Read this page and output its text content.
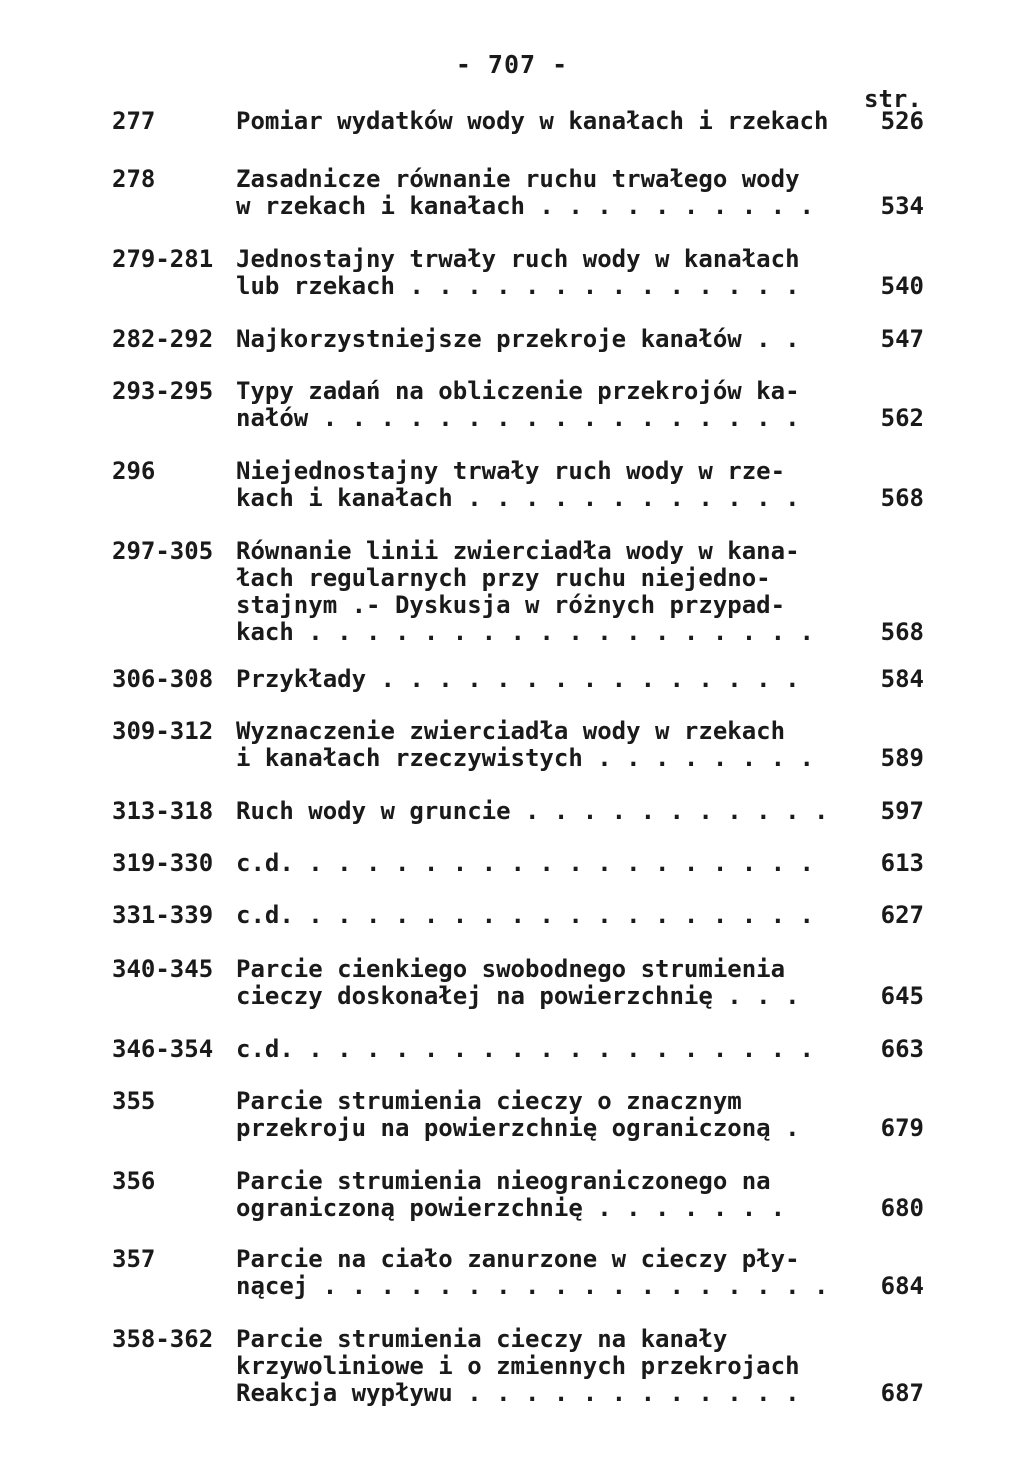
- 707 -
str.
277	Pomiar wydatków wody w kanałach i rzekach	526
278	Zasadnicze równanie ruchu trwałego wody
w rzekach i kanałach . . . . . . . . . .	534
279-281 Jednostajny trwały ruch wody w kanałach
lub rzekach . . . . . . . . . . . . . .	540
282-292 Najkorzystniejsze przekroje kanałów . .	547
293-295 Typy zadań na obliczenie przekrojów ka-
nałów . . . . . . . . . . . . . . . . .	562
296	Niejednostajny trwały ruch wody w rze-
kach i kanałach . . . . . . . . . . . .	568
297-305 Równanie linii zwierciadła wody w kana-
łach regularnych przy ruchu niejedno-
stajnym .- Dyskusja w różnych przypad-
kach . . . . . . . . . . . . . . . . . .	568
306-308 Przykłady . . . . . . . . . . . . . . .	584
309-312 Wyznaczenie zwierciadła wody w rzekach
i kanałach rzeczywistych . . . . . . . .	589
313-318 Ruch wody w gruncie . . . . . . . . . . .	597
319-330 c.d. . . . . . . . . . . . . . . . . . .	613
331-339 c.d. . . . . . . . . . . . . . . . . . .	627
340-345 Parcie cienkiego swobodnego strumienia
cieczy doskonałej na powierzchnię . . .	645
346-354 c.d. . . . . . . . . . . . . . . . . . .	663
355	Parcie strumienia cieczy o znacznym
przekroju na powierzchnię ograniczoną .	679
356	Parcie strumienia nieograniczonego na
ograniczoną powierzchnię . . . . . . .	680
357	Parcie na ciało zanurzone w cieczy pły-
nącej . . . . . . . . . . . . . . . . . .	684
358-362 Parcie strumienia cieczy na kanały
krzywoliniowe i o zmiennych przekrojach
Reakcja wypływu . . . . . . . . . . . .	687
